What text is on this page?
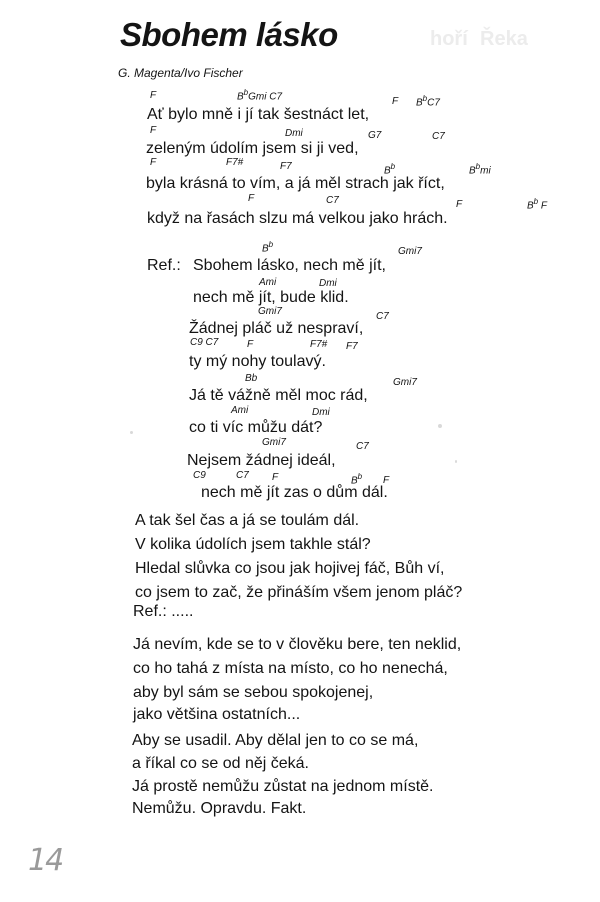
Řeka
hoří
Sbohem lásko
G. Magenta/Ivo Fischer
F	$B^bGmi$ C7	F $B^bC7$
Ať bylo mně i jí tak šestnáct let,
F	Dmi	G7	C7
zeleným údolím jsem si ji ved,
F	F7#	F7	$B^b$	$B^bmi$
byla krásná to vím, a já měl strach jak říct,
F	C7	F	$B^b$ F
když na řasách slzu má velkou jako hrách.
$B^b$
Gmi7
Ref.: Sbohem lásko, nech mě jít,
Ami	Dmi
nech mě jít, bude klid.
Gmi7	C7
Žádnej pláč už nespraví,
C9 C7	F	F7# F7
ty mý nohy toulavý.
Bb	Gmi7
Já tě vážně měl moc rád,
Ami	Dmi
co ti víc můžu dát?
Gmi7	C7
Nejsem žádnej ideál,
C9	C7 F	$B^b$ F
nech mě jít zas o dům dál.
A tak šel čas a já se toulám dál.
V kolika údolích jsem takhle stál?
Hledal slůvka co jsou jak hojivej fáč, Bůh ví,
co jsem to zač, že přináším všem jenom pláč?
Ref.: .....
Já nevím, kde se to v člověku bere, ten neklid,
co ho tahá z místa na místo, co ho nenechá,
aby byl sám se sebou spokojenej,
jako většina ostatních...
Aby se usadil. Aby dělal jen to co se má,
a říkal co se od něj čeká.
Já prostě nemůžu zůstat na jednom místě.
Nemůžu. Opravdu. Fakt.
14
